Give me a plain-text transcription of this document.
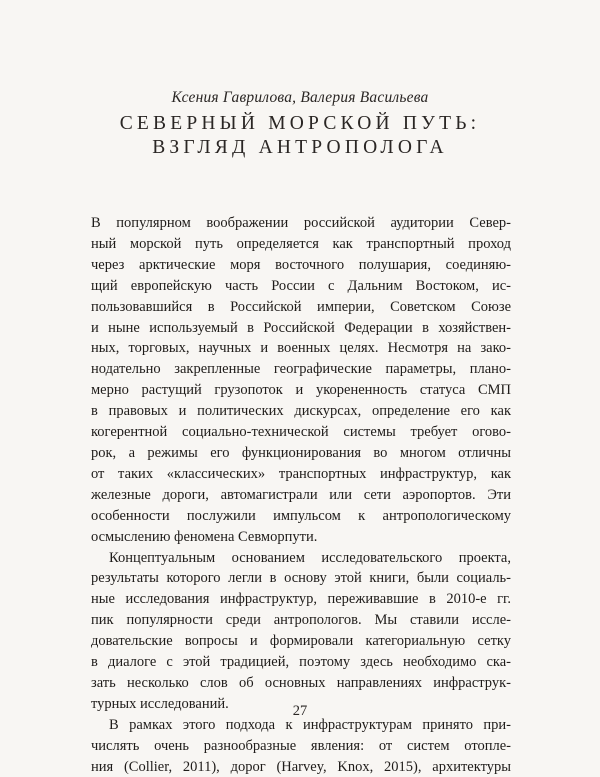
Ксения Гаврилова, Валерия Васильева
СЕВЕРНЫЙ МОРСКОЙ ПУТЬ:
ВЗГЛЯД АНТРОПОЛОГА

В популярном воображении российской аудитории Север-
ный морской путь определяется как транспортный проход
через арктические моря восточного полушария, соединяю-
щий европейскую часть России с Дальним Востоком, ис-
пользовавшийся в Российской империи, Советском Союзе
и ныне используемый в Российской Федерации в хозяйствен-
ных, торговых, научных и военных целях. Несмотря на зако-
нодательно закрепленные географические параметры, плано-
мерно растущий грузопоток и укорененность статуса СМП
в правовых и политических дискурсах, определение его как
когерентной социально-технической системы требует огово-
рок, а режимы его функционирования во многом отличны
от таких «классических» транспортных инфраструктур, как
железные дороги, автомагистрали или сети аэропортов. Эти
особенности послужили импульсом к антропологическому
осмыслению феномена Севморпути.

Концептуальным основанием исследовательского проекта,
результаты которого легли в основу этой книги, были социаль-
ные исследования инфраструктур, переживавшие в 2010-е гг.
пик популярности среди антропологов. Мы ставили иссле-
довательские вопросы и формировали категориальную сетку
в диалоге с этой традицией, поэтому здесь необходимо ска-
зать несколько слов об основных направлениях инфраструк-
турных исследований.

В рамках этого подхода к инфраструктурам принято при-
числять очень разнообразные явления: от систем отопле-
ния (Collier, 2011), дорог (Harvey, Knox, 2015), архитектуры

27
